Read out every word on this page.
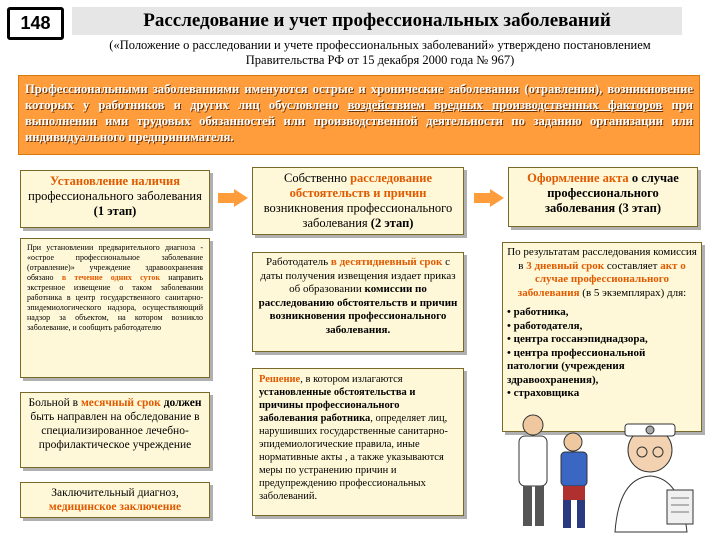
148	Расследование и учет профессиональных заболеваний
(«Положение о расследовании и учете профессиональных заболеваний» утверждено постановлением Правительства РФ от 15 декабря 2000 года № 967)
Профессиональными заболеваниями именуются острые и хронические заболевания (отравления), возникновение которых у работников и других лиц обусловлено воздействием вредных производственных факторов при выполнении ими трудовых обязанностей или производственной деятельности по заданию организации или индивидуального предпринимателя.
Установление наличия профессионального заболевания (1 этап)
При установлении предварительного диагноза - «острое профессиональное заболевание (отравление)» учреждение здравоохранения обязано в течение одних суток направить экстренное извещение о таком заболевании работника в центр государственного санитарно-эпидемиологического надзора, осуществляющий надзор за объектом, на котором возникло заболевание, и сообщить работодателю
Больной в месячный срок должен быть направлен на обследование в специализированное лечебно-профилактическое учреждение
Заключительный диагноз,
медицинское заключение
Собственно расследование
обстоятельств и причин
возникновения профессионального заболевания (2 этап)
Работодатель в десятидневный срок с даты получения извещения издает приказ об образовании комиссии по расследованию обстоятельств и причин возникновения профессионального заболевания.
Решение, в котором излагаются установленные обстоятельства и причины профессионального заболевания работника, определяет лиц, нарушивших государственные санитарно-эпидемиологические правила, иные нормативные акты , а также указываются меры по устранению причин и предупреждению профессиональных заболеваний.
Оформление акта о случае профессионального заболевания (3 этап)
По результатам расследования комиссия в 3 дневный срок составляет акт о случае профессионального заболевания (в 5 экземплярах) для:
• работника,
• работодателя,
• центра госсанэпиднадзора,
• центра профессиональной патологии (учреждения здравоохранения),
• страховщика
